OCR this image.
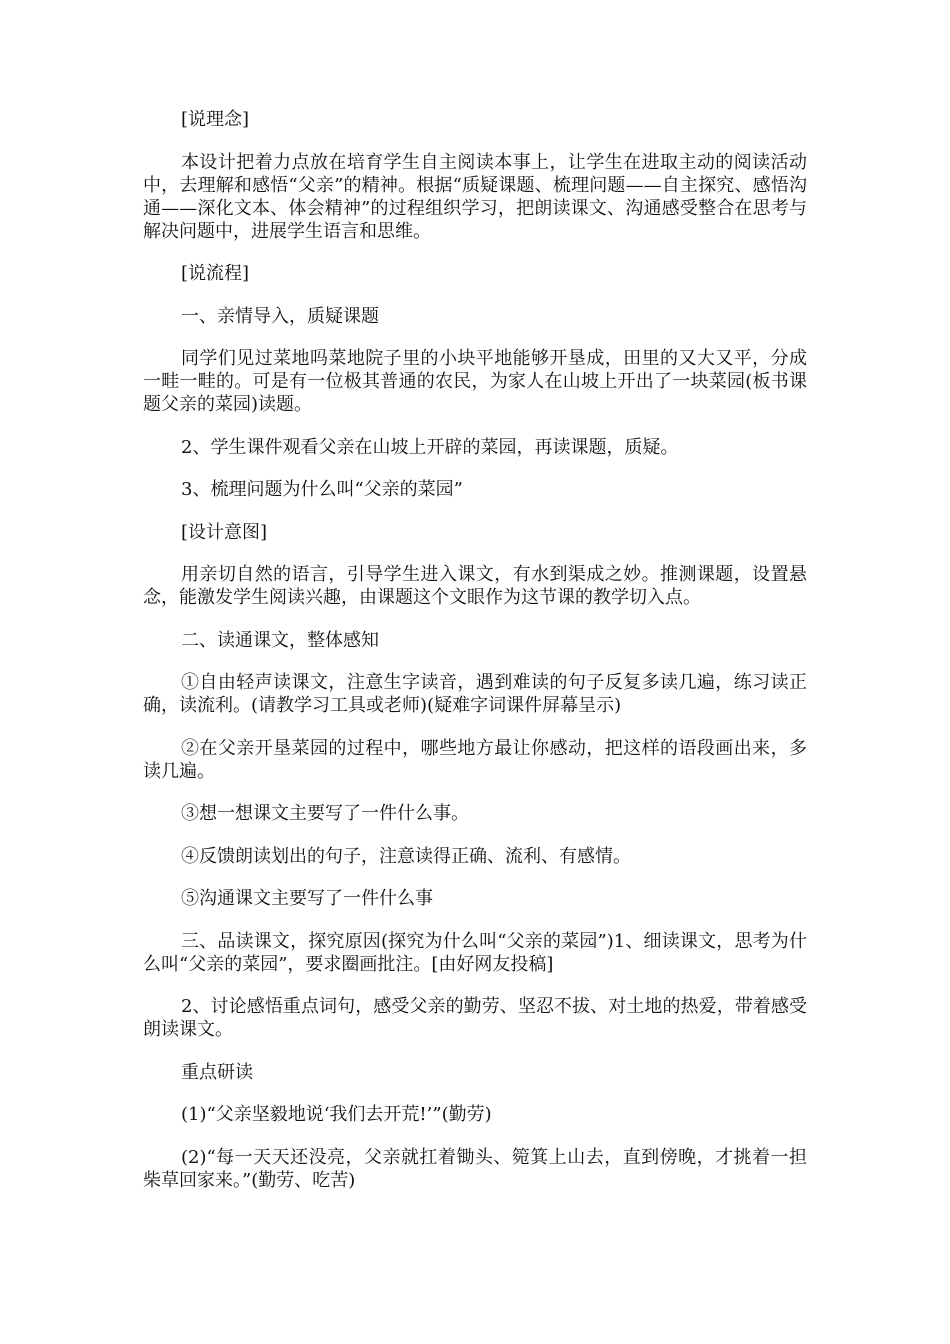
[说理念]

本设计把着力点放在培育学生自主阅读本事上，让学生在进取主动的阅读活动中，去理解和感悟“父亲”的精神。根据“质疑课题、梳理问题——自主探究、感悟沟通——深化文本、体会精神”的过程组织学习，把朗读课文、沟通感受整合在思考与解决问题中，进展学生语言和思维。

[说流程]

一、亲情导入，质疑课题

同学们见过菜地吗菜地院子里的小块平地能够开垦成，田里的又大又平，分成一畦一畦的。可是有一位极其普通的农民，为家人在山坡上开出了一块菜园(板书课题父亲的菜园)读题。

2、学生课件观看父亲在山坡上开辟的菜园，再读课题，质疑。

3、梳理问题为什么叫“父亲的菜园”

[设计意图]

用亲切自然的语言，引导学生进入课文，有水到渠成之妙。推测课题，设置悬念，能激发学生阅读兴趣，由课题这个文眼作为这节课的教学切入点。

二、读通课文，整体感知

①自由轻声读课文，注意生字读音，遇到难读的句子反复多读几遍，练习读正确，读流利。(请教学习工具或老师)(疑难字词课件屏幕呈示)

②在父亲开垦菜园的过程中，哪些地方最让你感动，把这样的语段画出来，多读几遍。

③想一想课文主要写了一件什么事。

④反馈朗读划出的句子，注意读得正确、流利、有感情。

⑤沟通课文主要写了一件什么事

三、品读课文，探究原因(探究为什么叫“父亲的菜园”)1、细读课文，思考为什么叫“父亲的菜园”，要求圈画批注。[由好网友投稿]

2、讨论感悟重点词句，感受父亲的勤劳、坚忍不拔、对土地的热爱，带着感受朗读课文。

重点研读

(1)“父亲坚毅地说‘我们去开荒!’”(勤劳)

(2)“每一天天还没亮，父亲就扛着锄头、箢箕上山去，直到傍晚，才挑着一担柴草回家来。”(勤劳、吃苦)
